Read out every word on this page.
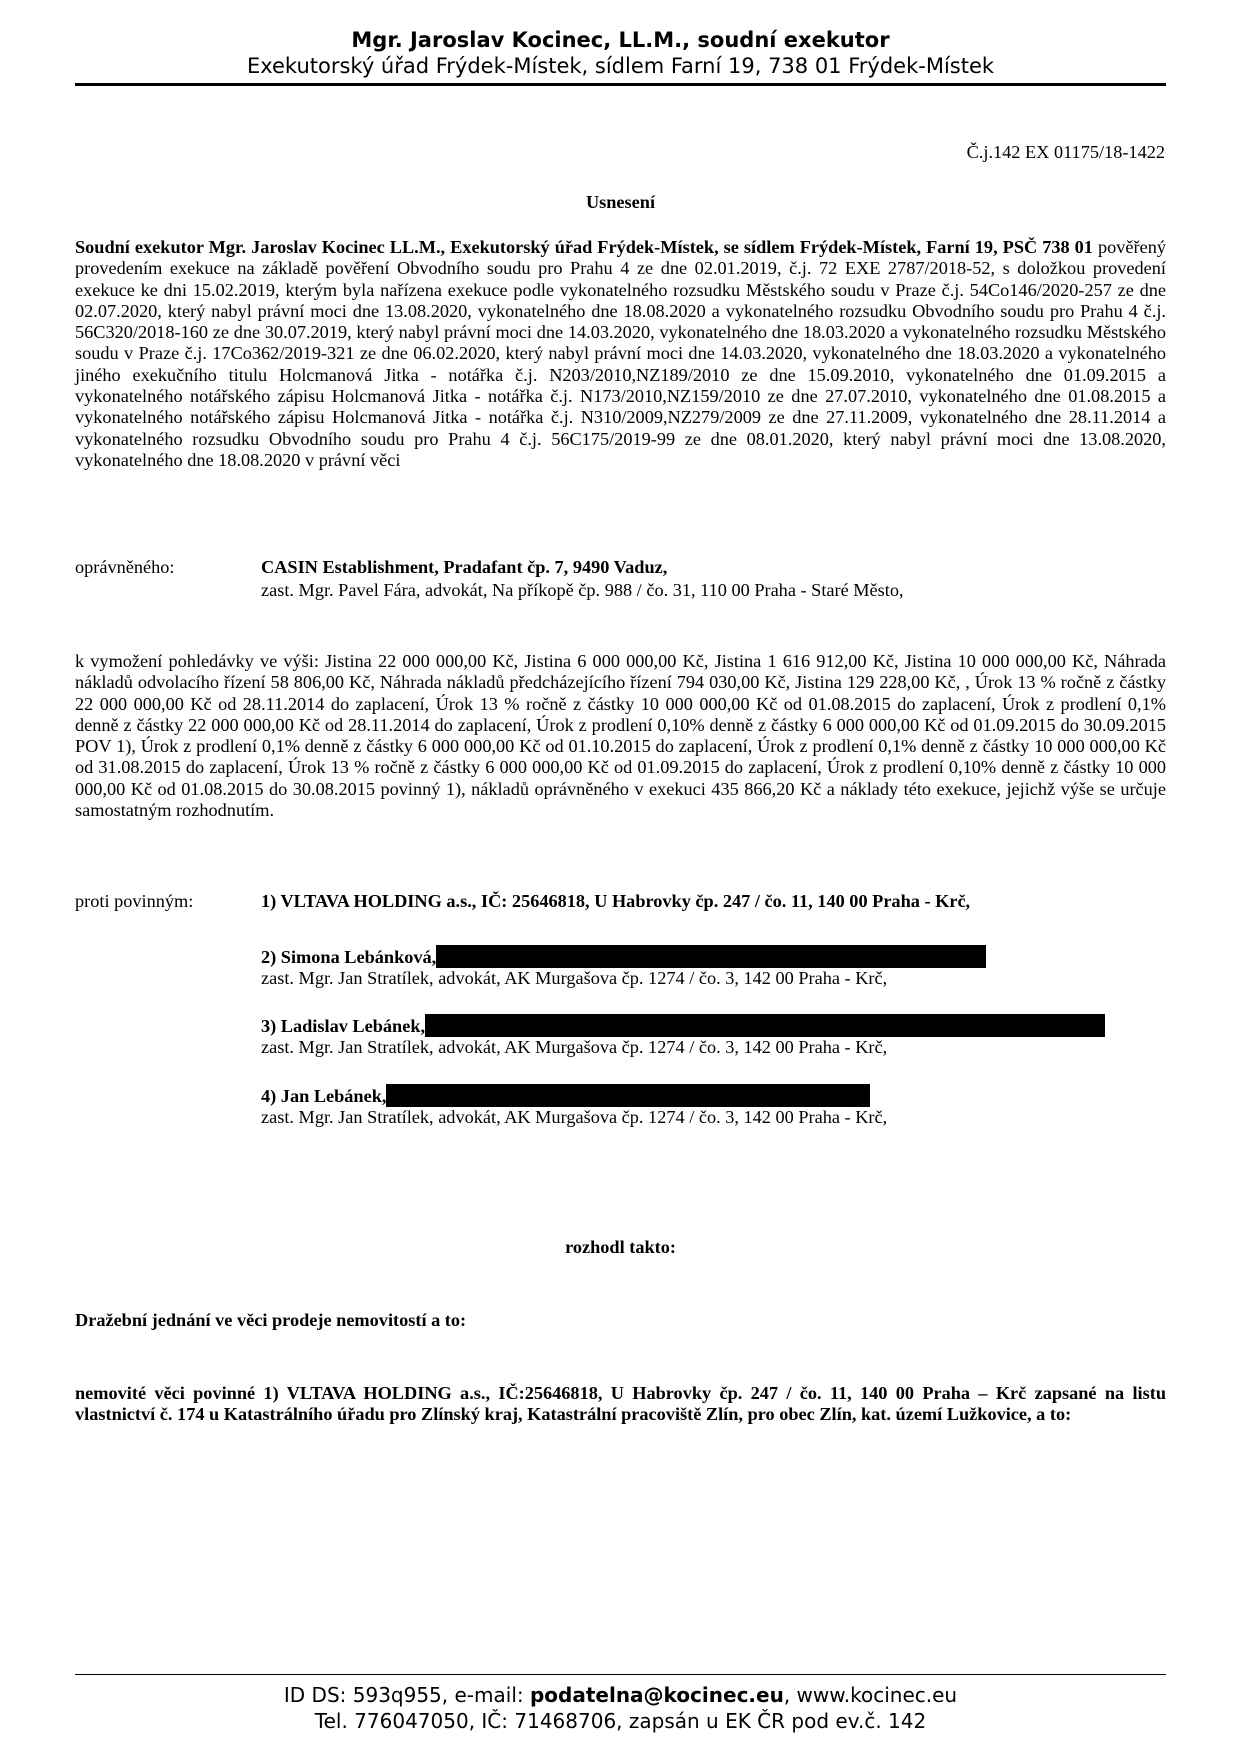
Mgr. Jaroslav Kocinec, LL.M., soudní exekutor
Exekutorský úřad Frýdek-Místek, sídlem Farní 19, 738 01 Frýdek-Místek
Č.j.142 EX 01175/18-1422
Usnesení
Soudní exekutor Mgr. Jaroslav Kocinec LL.M., Exekutorský úřad Frýdek-Místek, se sídlem Frýdek-Místek, Farní 19, PSČ 738 01 pověřený provedením exekuce na základě pověření Obvodního soudu pro Prahu 4 ze dne 02.01.2019, č.j. 72 EXE 2787/2018-52, s doložkou provedení exekuce ke dni 15.02.2019, kterým byla nařízena exekuce podle vykonatelného rozsudku Městského soudu v Praze č.j. 54Co146/2020-257 ze dne 02.07.2020, který nabyl právní moci dne 13.08.2020, vykonatelného dne 18.08.2020 a vykonatelného rozsudku Obvodního soudu pro Prahu 4 č.j. 56C320/2018-160 ze dne 30.07.2019, který nabyl právní moci dne 14.03.2020, vykonatelného dne 18.03.2020 a vykonatelného rozsudku Městského soudu v Praze č.j. 17Co362/2019-321 ze dne 06.02.2020, který nabyl právní moci dne 14.03.2020, vykonatelného dne 18.03.2020 a vykonatelného jiného exekučního titulu Holcmanová Jitka - notářka č.j. N203/2010,NZ189/2010 ze dne 15.09.2010, vykonatelného dne 01.09.2015 a vykonatelného notářského zápisu Holcmanová Jitka - notářka č.j. N173/2010,NZ159/2010 ze dne 27.07.2010, vykonatelného dne 01.08.2015 a vykonatelného notářského zápisu Holcmanová Jitka - notářka č.j. N310/2009,NZ279/2009 ze dne 27.11.2009, vykonatelného dne 28.11.2014 a vykonatelného rozsudku Obvodního soudu pro Prahu 4 č.j. 56C175/2019-99 ze dne 08.01.2020, který nabyl právní moci dne 13.08.2020, vykonatelného dne 18.08.2020 v právní věci
oprávněného:	CASIN Establishment, Pradafant čp. 7, 9490 Vaduz,
zast. Mgr. Pavel Fára, advokát, Na příkopě čp. 988 / čo. 31, 110 00 Praha - Staré Město,
k vymožení pohledávky ve výši: Jistina 22 000 000,00 Kč, Jistina 6 000 000,00 Kč, Jistina 1 616 912,00 Kč, Jistina 10 000 000,00 Kč, Náhrada nákladů odvolacího řízení 58 806,00 Kč, Náhrada nákladů předcházejícího řízení 794 030,00 Kč, Jistina 129 228,00 Kč, , Úrok 13 % ročně z částky 22 000 000,00 Kč od 28.11.2014 do zaplacení, Úrok 13 % ročně z částky 10 000 000,00 Kč od 01.08.2015 do zaplacení, Úrok z prodlení 0,1% denně z částky 22 000 000,00 Kč od 28.11.2014 do zaplacení, Úrok z prodlení 0,10% denně z částky 6 000 000,00 Kč od 01.09.2015 do 30.09.2015 POV 1), Úrok z prodlení 0,1% denně z částky 6 000 000,00 Kč od 01.10.2015 do zaplacení, Úrok z prodlení 0,1% denně z částky 10 000 000,00 Kč od 31.08.2015 do zaplacení, Úrok 13 % ročně z částky 6 000 000,00 Kč od 01.09.2015 do zaplacení, Úrok z prodlení 0,10% denně z částky 10 000 000,00 Kč od 01.08.2015 do 30.08.2015 povinný 1), nákladů oprávněného v exekuci 435 866,20 Kč a náklady této exekuce, jejichž výše se určuje samostatným rozhodnutím.
proti povinným:	1) VLTAVA HOLDING a.s., IČ: 25646818, U Habrovky čp. 247 / čo. 11, 140 00 Praha - Krč,
2) Simona Lebánková,
zast. Mgr. Jan Stratílek, advokát, AK Murgašova čp. 1274 / čo. 3, 142 00 Praha - Krč,
3) Ladislav Lebánek,
zast. Mgr. Jan Stratílek, advokát, AK Murgašova čp. 1274 / čo. 3, 142 00 Praha - Krč,
4) Jan Lebánek,
zast. Mgr. Jan Stratílek, advokát, AK Murgašova čp. 1274 / čo. 3, 142 00 Praha - Krč,
rozhodl takto:
Dražební jednání ve věci prodeje nemovitostí a to:
nemovité věci povinné 1) VLTAVA HOLDING a.s., IČ:25646818, U Habrovky čp. 247 / čo. 11, 140 00 Praha – Krč zapsané na listu vlastnictví č. 174 u Katastrálního úřadu pro Zlínský kraj, Katastrální pracoviště Zlín, pro obec Zlín, kat. území Lužkovice, a to:
ID DS: 593q955, e-mail: podatelna@kocinec.eu, www.kocinec.eu
Tel. 776047050, IČ: 71468706, zapsán u EK ČR pod ev.č. 142
